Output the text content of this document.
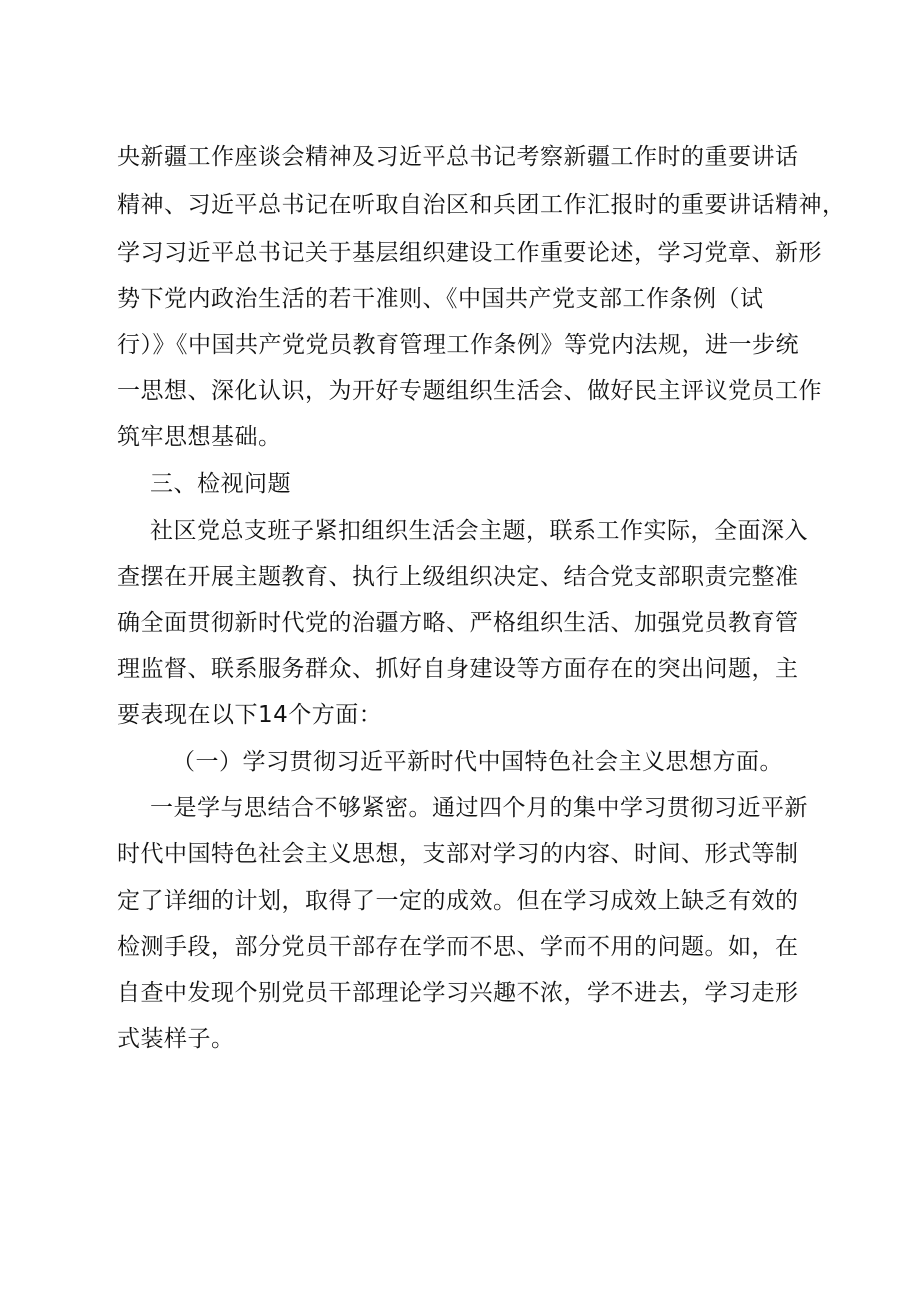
央新疆工作座谈会精神及习近平总书记考察新疆工作时的重要讲话
精神、习近平总书记在听取自治区和兵团工作汇报时的重要讲话精神，
学习习近平总书记关于基层组织建设工作重要论述，学习党章、新形
势下党内政治生活的若干准则、《中国共产党支部工作条例（试
行）》《中国共产党党员教育管理工作条例》等党内法规，进一步统
一思想、深化认识，为开好专题组织生活会、做好民主评议党员工作
筑牢思想基础。
三、检视问题
社区党总支班子紧扣组织生活会主题，联系工作实际，全面深入
查摆在开展主题教育、执行上级组织决定、结合党支部职责完整准
确全面贯彻新时代党的治疆方略、严格组织生活、加强党员教育管
理监督、联系服务群众、抓好自身建设等方面存在的突出问题，主
要表现在以下14个方面：
（一）学习贯彻习近平新时代中国特色社会主义思想方面。
一是学与思结合不够紧密。通过四个月的集中学习贯彻习近平新
时代中国特色社会主义思想，支部对学习的内容、时间、形式等制
定了详细的计划，取得了一定的成效。但在学习成效上缺乏有效的
检测手段，部分党员干部存在学而不思、学而不用的问题。如，在
自查中发现个别党员干部理论学习兴趣不浓，学不进去，学习走形
式装样子。
